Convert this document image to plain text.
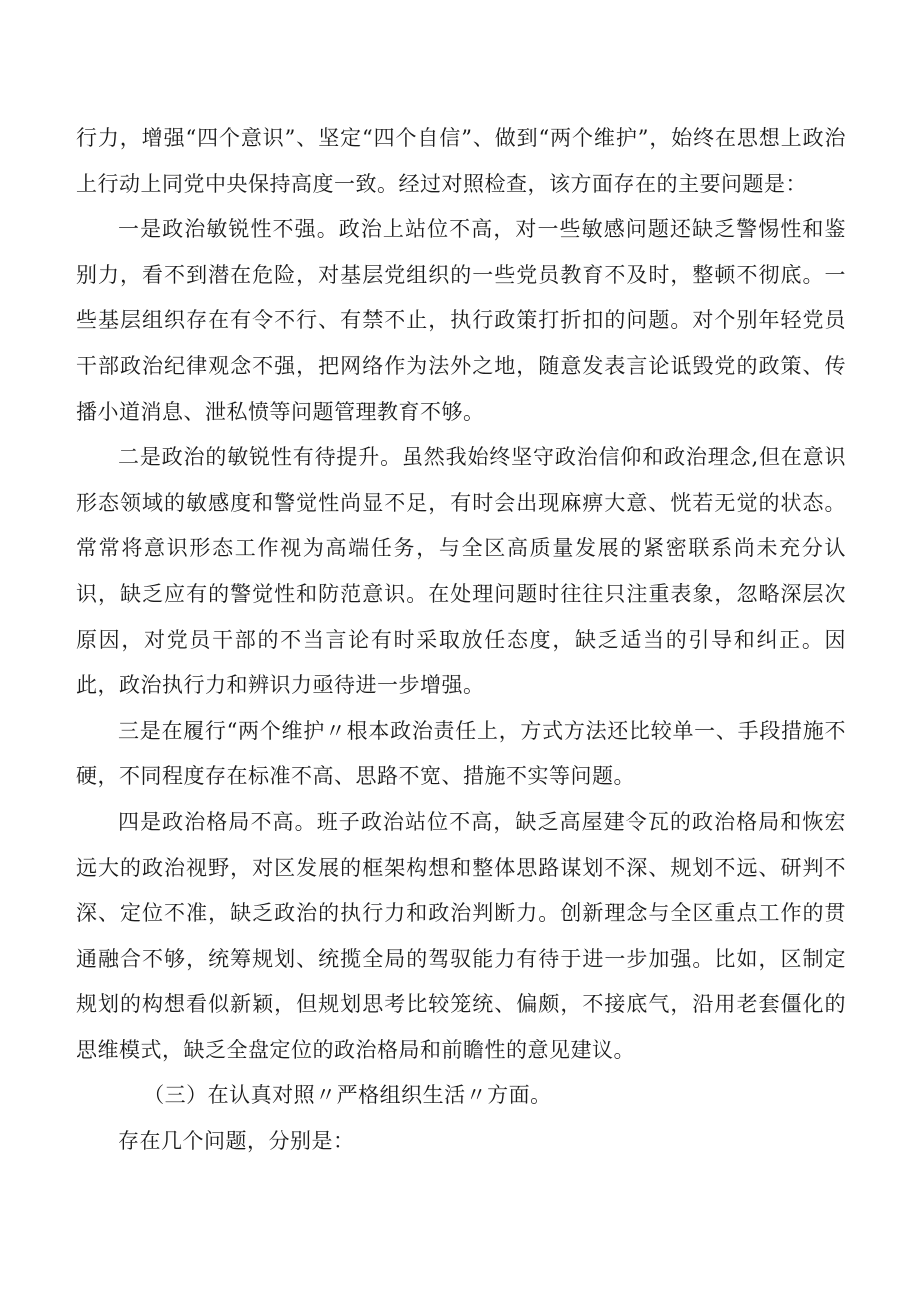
行力，增强“四个意识”、坚定“四个自信”、做到“两个维护”，始终在思想上政治上行动上同党中央保持高度一致。经过对照检查，该方面存在的主要问题是：

一是政治敏锐性不强。政治上站位不高，对一些敏感问题还缺乏警惕性和鉴别力，看不到潜在危险，对基层党组织的一些党员教育不及时，整顿不彻底。一些基层组织存在有令不行、有禁不止，执行政策打折扣的问题。对个别年轻党员干部政治纪律观念不强，把网络作为法外之地，随意发表言论诋毁党的政策、传播小道消息、泄私愤等问题管理教育不够。

二是政治的敏锐性有待提升。虽然我始终坚守政治信仰和政治理念,但在意识形态领域的敏感度和警觉性尚显不足，有时会出现麻痹大意、恍若无觉的状态。常常将意识形态工作视为高端任务，与全区高质量发展的紧密联系尚未充分认识，缺乏应有的警觉性和防范意识。在处理问题时往往只注重表象，忽略深层次原因，对党员干部的不当言论有时采取放任态度，缺乏适当的引导和纠正。因此，政治执行力和辨识力亟待进一步增强。

三是在履行“两个维护〃根本政治责任上，方式方法还比较单一、手段措施不硬，不同程度存在标准不高、思路不宽、措施不实等问题。

四是政治格局不高。班子政治站位不高，缺乏高屋建令瓦的政治格局和恢宏远大的政治视野，对区发展的框架构想和整体思路谋划不深、规划不远、研判不深、定位不准，缺乏政治的执行力和政治判断力。创新理念与全区重点工作的贯通融合不够，统筹规划、统揽全局的驾驭能力有待于进一步加强。比如，区制定规划的构想看似新颖，但规划思考比较笼统、偏颇，不接底气，沿用老套僵化的思维模式，缺乏全盘定位的政治格局和前瞻性的意见建议。

（三）在认真对照〃严格组织生活〃方面。

存在几个问题，分别是：
